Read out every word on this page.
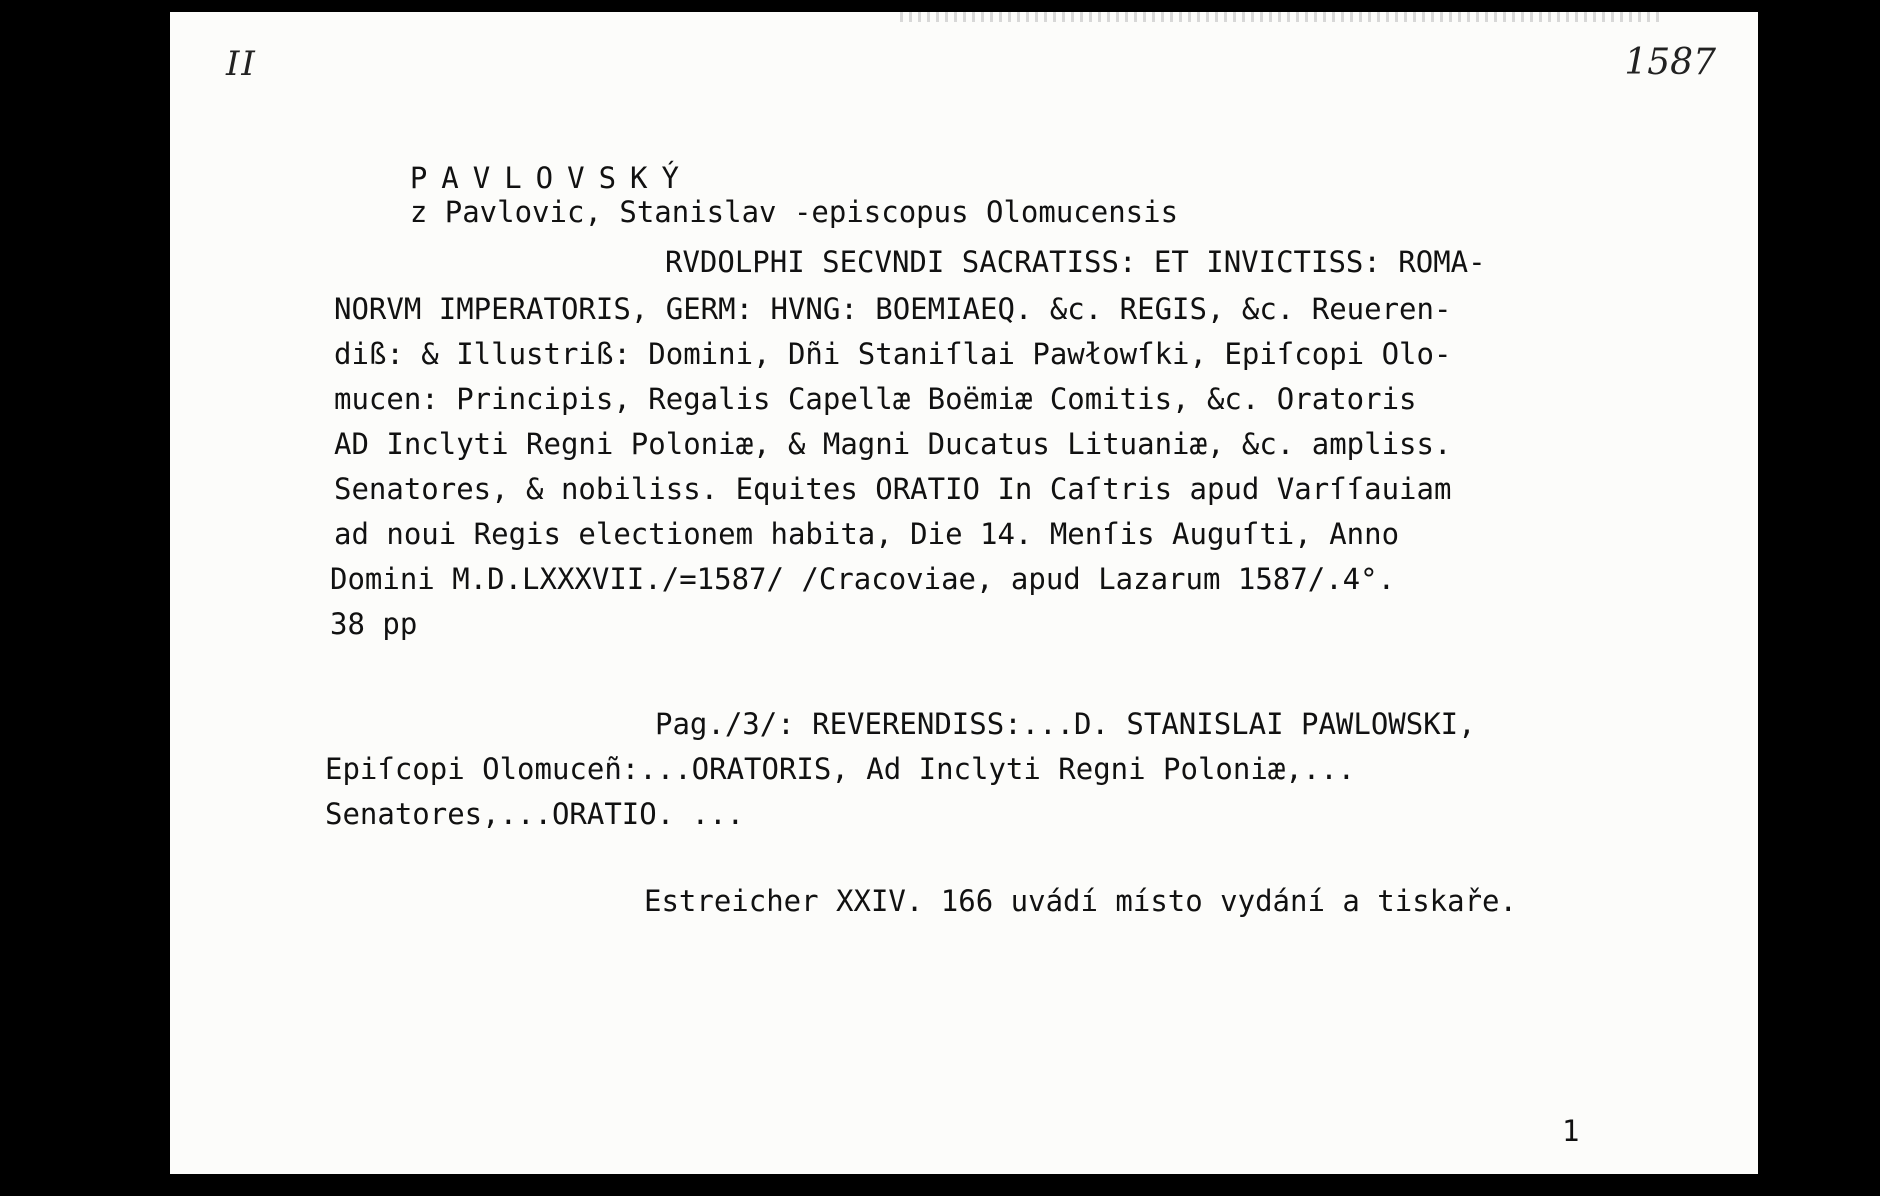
II	1587

PAVLOVSKÝ
z Pavlovic, Stanislav -episcopus Olomucensis

RVDOLPHI SECVNDI SACRATISS: ET INVICTISS: ROMA-
NORVM IMPERATORIS, GERM: HVNG: BOEMIAEQ. &c. REGIS, &c. Reueren-
diß: & Illustriß: Domini, Dñi Staniſlai Pawłowſki, Epiſcopi Olo-
mucen: Principis, Regalis Capellæ Boëmiæ Comitis, &c. Oratoris
AD Inclyti Regni Poloniæ, & Magni Ducatus Lituaniæ, &c. ampliss.
Senatores, & nobiliss. Equites ORATIO In Caſtris apud Varſſauiam
ad noui Regis electionem habita, Die 14. Menſis Auguſti, Anno
Domini M.D.LXXXVII./=1587/ /Cracoviae, apud Lazarum 1587/.4°.
38 pp
Pag./3/: REVERENDISS:...D. STANISLAI PAWLOWSKI,
Epiſcopi Olomuceñ:...ORATORIS, Ad Inclyti Regni Poloniæ,...
Senatores,...ORATIO. ...
Estreicher XXIV. 166 uvádí místo vydání a tiskaře.
1
